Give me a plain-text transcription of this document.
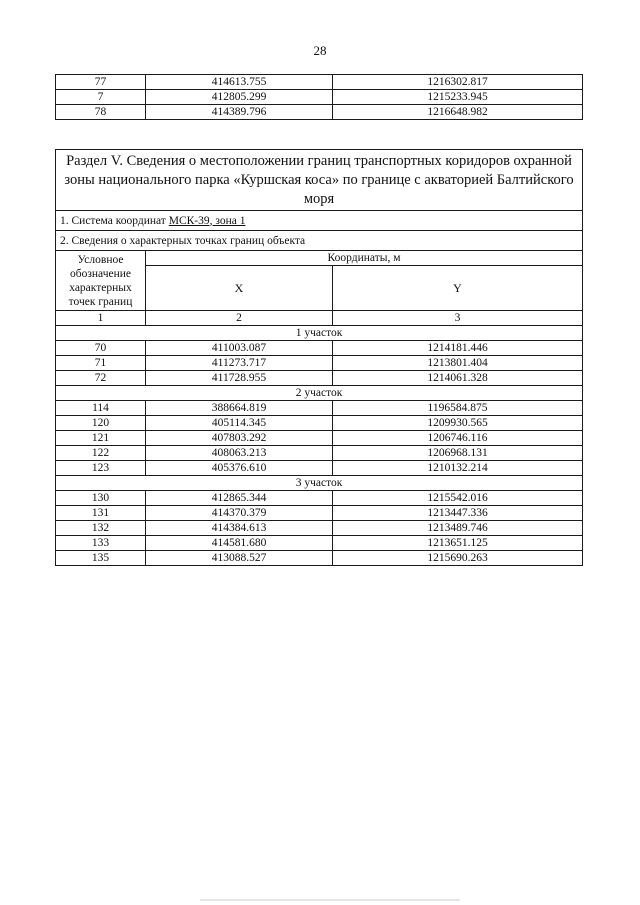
28
77	414613.755	1216302.817
7	412805.299	1215233.945
78	414389.796	1216648.982
Раздел V. Сведения о местоположении границ транспортных коридоров охранной зоны национального парка «Куршская коса» по границе с акваторией Балтийского моря		
1. Система координат МСК-39, зона 1		
2. Сведения о характерных точках границ объекта		
Условное обозначение характерных точек границ	Координаты, м	
	X	Y
1	2	3
1 участок		
70	411003.087	1214181.446
71	411273.717	1213801.404
72	411728.955	1214061.328
2 участок		
114	388664.819	1196584.875
120	405114.345	1209930.565
121	407803.292	1206746.116
122	408063.213	1206968.131
123	405376.610	1210132.214
3 участок		
130	412865.344	1215542.016
131	414370.379	1213447.336
132	414384.613	1213489.746
133	414581.680	1213651.125
135	413088.527	1215690.263
